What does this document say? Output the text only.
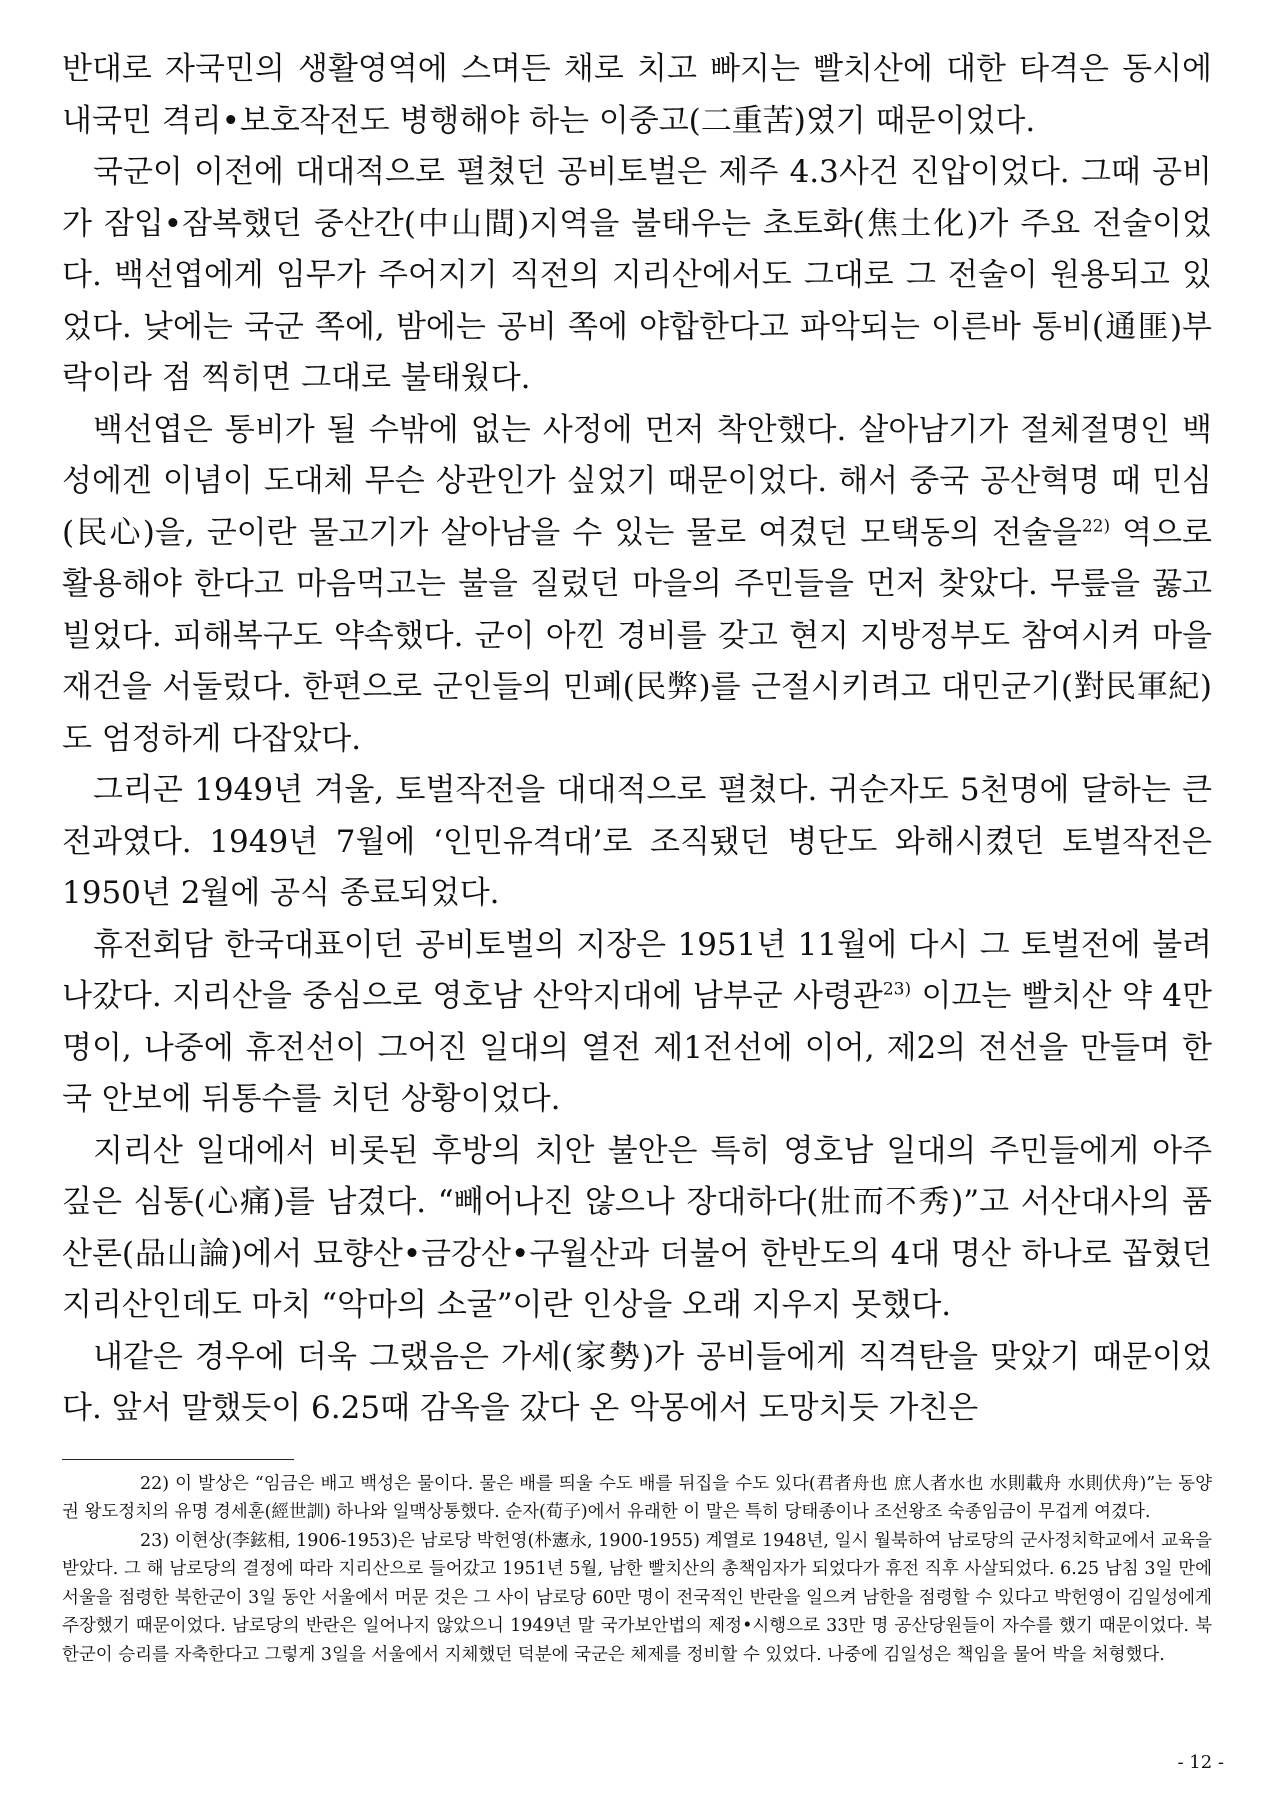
반대로 자국민의 생활영역에 스며든 채로 치고 빠지는 빨치산에 대한 타격은 동시에 내국민 격리•보호작전도 병행해야 하는 이중고(二重苦)였기 때문이었다.

국군이 이전에 대대적으로 펼쳤던 공비토벌은 제주 4.3사건 진압이었다. 그때 공비가 잠입•잠복했던 중산간(中山間)지역을 불태우는 초토화(焦土化)가 주요 전술이었다. 백선엽에게 임무가 주어지기 직전의 지리산에서도 그대로 그 전술이 원용되고 있었다. 낮에는 국군 쪽에, 밤에는 공비 쪽에 야합한다고 파악되는 이른바 통비(通匪)부락이라 점 찍히면 그대로 불태웠다.

백선엽은 통비가 될 수밖에 없는 사정에 먼저 착안했다. 살아남기가 절체절명인 백성에겐 이념이 도대체 무슨 상관인가 싶었기 때문이었다. 해서 중국 공산혁명 때 민심(民心)을, 군이란 물고기가 살아남을 수 있는 물로 여겼던 모택동의 전술을$^{22)}$ 역으로 활용해야 한다고 마음먹고는 불을 질렀던 마을의 주민들을 먼저 찾았다. 무릎을 꿇고 빌었다. 피해복구도 약속했다. 군이 아낀 경비를 갖고 현지 지방정부도 참여시켜 마을 재건을 서둘렀다. 한편으로 군인들의 민폐(民弊)를 근절시키려고 대민군기(對民軍紀)도 엄정하게 다잡았다.

그리곤 1949년 겨울, 토벌작전을 대대적으로 펼쳤다. 귀순자도 5천명에 달하는 큰 전과였다. 1949년 7월에 ‘인민유격대’로 조직됐던 병단도 와해시켰던 토벌작전은 1950년 2월에 공식 종료되었다.

휴전회담 한국대표이던 공비토벌의 지장은 1951년 11월에 다시 그 토벌전에 불려나갔다. 지리산을 중심으로 영호남 산악지대에 남부군 사령관$^{23)}$ 이끄는 빨치산 약 4만 명이, 나중에 휴전선이 그어진 일대의 열전 제1전선에 이어, 제2의 전선을 만들며 한국 안보에 뒤통수를 치던 상황이었다.

지리산 일대에서 비롯된 후방의 치안 불안은 특히 영호남 일대의 주민들에게 아주 깊은 심통(心痛)를 남겼다. “빼어나진 않으나 장대하다(壯而不秀)”고 서산대사의 품산론(品山論)에서 묘향산•금강산•구월산과 더불어 한반도의 4대 명산 하나로 꼽혔던 지리산인데도 마치 “악마의 소굴”이란 인상을 오래 지우지 못했다.

내같은 경우에 더욱 그랬음은 가세(家勢)가 공비들에게 직격탄을 맞았기 때문이었다. 앞서 말했듯이 6.25때 감옥을 갔다 온 악몽에서 도망치듯 가친은

22) 이 발상은 “임금은 배고 백성은 물이다. 물은 배를 띄울 수도 배를 뒤집을 수도 있다(君者舟也 庶人者水也 水則載舟 水則伏舟)”는 동양권 왕도정치의 유명 경세훈(經世訓) 하나와 일맥상통했다. 순자(荀子)에서 유래한 이 말은 특히 당태종이나 조선왕조 숙종임금이 무겁게 여겼다.

23) 이현상(李鉉相, 1906-1953)은 남로당 박헌영(朴憲永, 1900-1955) 계열로 1948년, 일시 월북하여 남로당의 군사정치학교에서 교육을 받았다. 그 해 남로당의 결정에 따라 지리산으로 들어갔고 1951년 5월, 남한 빨치산의 총책임자가 되었다가 휴전 직후 사살되었다. 6.25 남침 3일 만에 서울을 점령한 북한군이 3일 동안 서울에서 머문 것은 그 사이 남로당 60만 명이 전국적인 반란을 일으켜 남한을 점령할 수 있다고 박헌영이 김일성에게 주장했기 때문이었다. 남로당의 반란은 일어나지 않았으니 1949년 말 국가보안법의 제정•시행으로 33만 명 공산당원들이 자수를 했기 때문이었다. 북한군이 승리를 자축한다고 그렇게 3일을 서울에서 지체했던 덕분에 국군은 체제를 정비할 수 있었다. 나중에 김일성은 책임을 물어 박을 처형했다.

- 12 -
